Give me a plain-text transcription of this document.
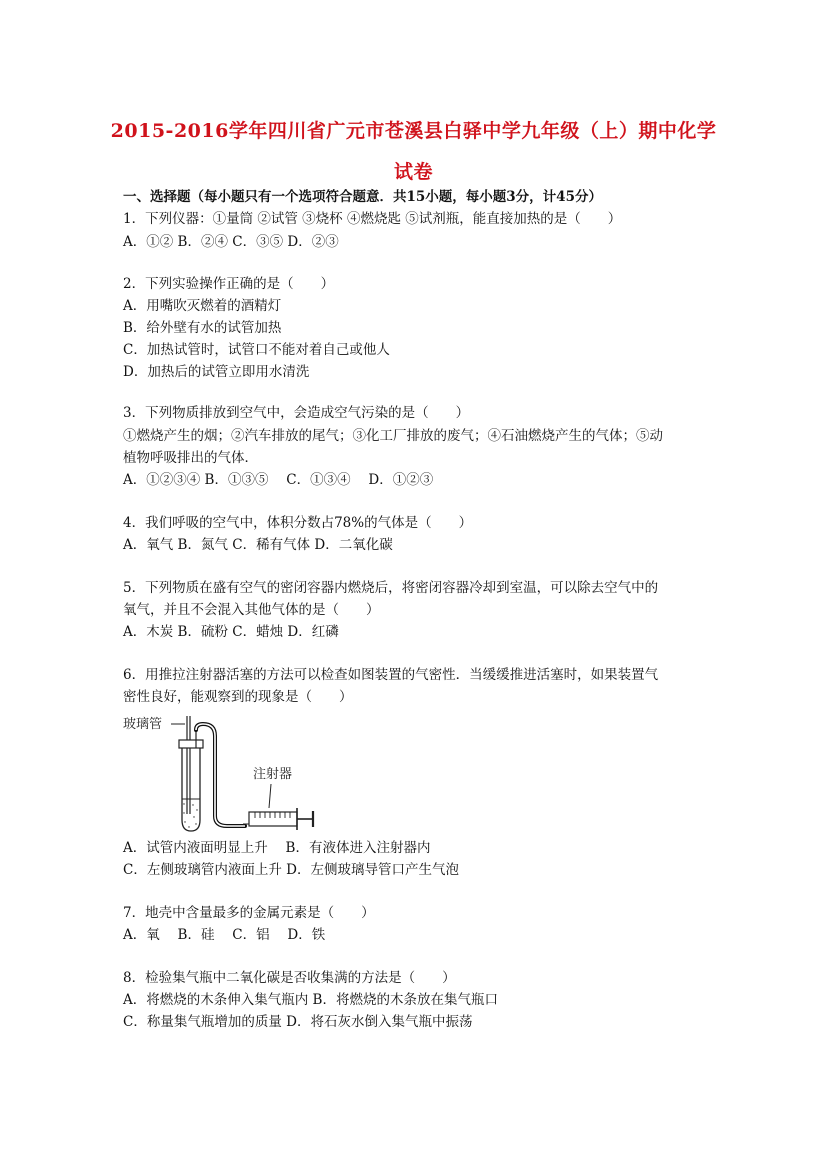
2015-2016学年四川省广元市苍溪县白驿中学九年级（上）期中化学
试卷
一、选择题（每小题只有一个选项符合题意．共15小题，每小题3分，计45分）
1．下列仪器：①量筒 ②试管 ③烧杯 ④燃烧匙 ⑤试剂瓶，能直接加热的是（　　）
A．①② B．②④ C．③⑤ D．②③
2．下列实验操作正确的是（　　）
A．用嘴吹灭燃着的酒精灯
B．给外壁有水的试管加热
C．加热试管时，试管口不能对着自己或他人
D．加热后的试管立即用水清洗
3．下列物质排放到空气中，会造成空气污染的是（　　）
①燃烧产生的烟；②汽车排放的尾气；③化工厂排放的废气；④石油燃烧产生的气体；⑤动
植物呼吸排出的气体．
A．①②③④ B．①③⑤　 C．①③④　 D．①②③
4．我们呼吸的空气中，体积分数占78%的气体是（　　）
A．氧气 B．氮气 C．稀有气体 D．二氧化碳
5．下列物质在盛有空气的密闭容器内燃烧后，将密闭容器冷却到室温，可以除去空气中的
氧气，并且不会混入其他气体的是（　　）
A．木炭 B．硫粉 C．蜡烛 D．红磷
6．用推拉注射器活塞的方法可以检查如图装置的气密性．当缓缓推进活塞时，如果装置气
密性良好，能观察到的现象是（　　）
玻璃管
注射器
A．试管内液面明显上升　 B．有液体进入注射器内
C．左侧玻璃管内液面上升 D．左侧玻璃导管口产生气泡
7．地壳中含量最多的金属元素是（　　）
A．氧　 B．硅　 C．铝　 D．铁
8．检验集气瓶中二氧化碳是否收集满的方法是（　　）
A．将燃烧的木条伸入集气瓶内 B．将燃烧的木条放在集气瓶口
C．称量集气瓶增加的质量 D．将石灰水倒入集气瓶中振荡
